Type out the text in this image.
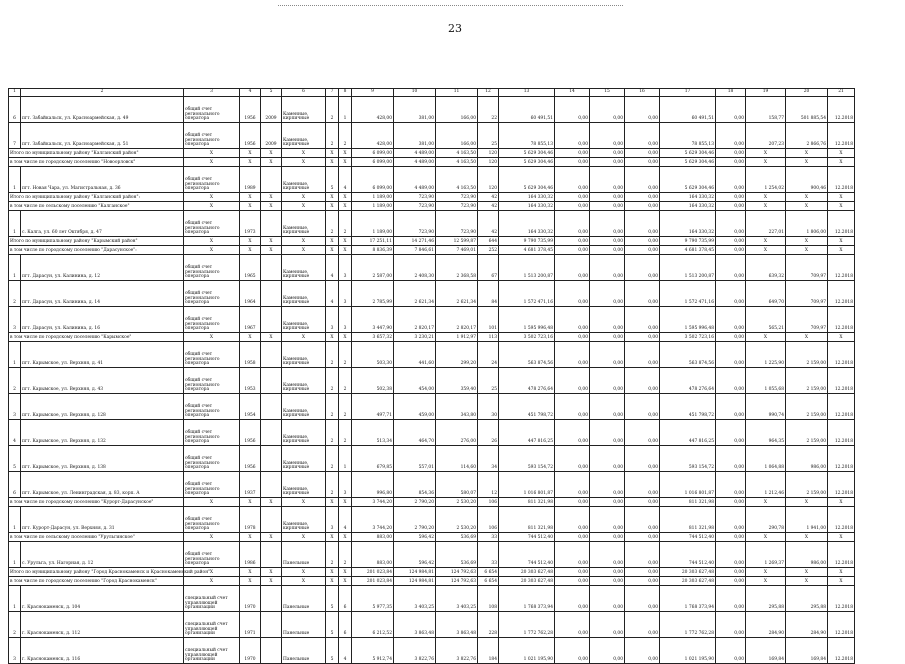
23
1	2	3	4	5	6	7	8	9	10	11	12	13	14	15	16	17	18	19	20	21
6	пгт. Забайкальск, ул. Красноармейская, д. 49	общий счет регионального оператора	1956	2009	Каменные, кирпичные	2	1	428,00	381,00	166,00	22	60 491,51	0,00	0,00	0,00	60 491,51	0,00	158,77	501 885,54	12.2018
7	пгт. Забайкальск, ул. Красноармейская, д. 51	общий счет регионального оператора	1956	2009	Каменные, кирпичные	2	2	428,00	381,00	166,00	25	78 855,13	0,00	0,00	0,00	78 855,13	0,00	207,23	2 866,76	12.2018
Итого по муниципальному району "Калганский район"		Х	Х	Х	Х	Х	Х	6 099,00	4 489,00	4 163,50	120	5 629 304,46	0,00	0,00	0,00	5 629 304,46	0,00	Х	Х	Х
в том числе по городскому поселению "Новоорловск"		Х	Х	Х	Х	Х	Х	6 099,00	4 489,00	4 163,50	120	5 629 304,46	0,00	0,00	0,00	5 629 304,46	0,00	Х	Х	Х
1	пгт. Новая Чара, ул. Магистральная, д. 36	общий счет регионального оператора	1989		Каменные, кирпичные	5	4	6 099,00	4 489,00	4 163,50	120	5 629 304,46	0,00	0,00	0,00	5 629 304,46	0,00	1 254,02	900,46	12.2018
Итого по муниципальному району "Калганский район":		Х	Х	Х	Х	Х	Х	1 189,00	723,90	723,90	42	164 330,32	0,00	0,00	0,00	164 330,32	0,00	Х	Х	Х
в том числе по сельскому поселению "Калганское"		Х	Х	Х	Х	Х	Х	1 189,00	723,90	723,90	42	164 330,32	0,00	0,00	0,00	164 330,32	0,00	Х	Х	Х
1	с. Калга, ул. 60 лет Октября, д. 47	общий счет регионального оператора	1973		Каменные, кирпичные	2	2	1 189,00	723,90	723,90	42	164 330,32	0,00	0,00	0,00	164 330,32	0,00	227,01	1 806,00	12.2018
Итого по муниципальному району "Карымский район"		Х	Х	Х	Х	Х	Х	17 251,11	14 271,46	12 599,87	644	9 790 735,99	0,00	0,00	0,00	9 790 735,99	0,00	Х	Х	Х
в том числе по городскому поселению "Дарасунское":		Х	Х	Х	Х	Х	Х	8 836,39	7 846,61	7 469,01	252	4 681 378,45	0,00	0,00	0,00	4 681 378,45	0,00	Х	Х	Х
1	пгт. Дарасун, ул. Калинина, д. 12	общий счет регионального оператора	1965		Каменные, кирпичные	4	3	2 587,00	2 408,30	2 368,58	67	1 513 200,87	0,00	0,00	0,00	1 513 200,87	0,00	639,32	709,97	12.2018
2	пгт. Дарасун, ул. Калинина, д. 14	общий счет регионального оператора	1964		Каменные, кирпичные	4	3	2 785,99	2 621,34	2 621,34	84	1 572 471,16	0,00	0,00	0,00	1 572 471,16	0,00	649,70	709,97	12.2018
3	пгт. Дарасун, ул. Калинина, д. 16	общий счет регионального оператора	1967		Каменные, кирпичные	3	3	3 447,90	2 820,17	2 820,17	101	1 595 996,48	0,00	0,00	0,00	1 595 996,48	0,00	565,21	709,97	12.2018
в том числе по городскому поселению "Карымское"		Х	Х	Х	Х	Х	Х	3 657,32	3 230,21	1 912,97	113	3 502 723,16	0,00	0,00	0,00	3 502 723,16	0,00	Х	Х	Х
1	пгт. Карымское, ул. Верхняя, д. 41	общий счет регионального оператора	1958		Каменные, кирпичные	2	2	503,30	441,60	299,20	24	563 874,56	0,00	0,00	0,00	563 874,56	0,00	1 225,90	2 159,00	12.2018
2	пгт. Карымское, ул. Верхняя, д. 43	общий счет регионального оператора	1953		Каменные, кирпичные	2	2	502,38	454,00	359,40	25	478 276,64	0,00	0,00	0,00	478 276,64	0,00	1 055,68	2 159,00	12.2018
3	пгт. Карымское, ул. Верхняя, д. 128	общий счет регионального оператора	1954		Каменные, кирпичные	2	2	497,71	459,00	343,80	30	451 798,72	0,00	0,00	0,00	451 798,72	0,00	990,74	2 159,00	12.2018
4	пгт. Карымское, ул. Верхняя, д. 132	общий счет регионального оператора	1956		Каменные, кирпичные	2	2	513,34	464,70	276,00	26	447 816,25	0,00	0,00	0,00	447 816,25	0,00	964,35	2 159,00	12.2018
5	пгт. Карымское, ул. Верхняя, д. 138	общий счет регионального оператора	1956		Каменные, кирпичные	2	1	679,85	557,01	114,60	34	593 154,72	0,00	0,00	0,00	593 154,72	0,00	1 064,88	986,00	12.2018
6	пгт. Карымское, ул. Ленинградская, д. 83, корп. А	общий счет регионального оператора	1937		Каменные, кирпичные	2	3	996,80	854,36	580,07	12	1 016 801,87	0,00	0,00	0,00	1 016 801,87	0,00	1 212,46	2 159,00	12.2018
в том числе по городскому поселению "Курорт-Дарасунское"		Х	Х	Х	Х	Х	Х	3 744,20	2 790,20	2 530,20	106	811 321,98	0,00	0,00	0,00	811 321,98	0,00	Х	Х	Х
1	пгт. Курорт-Дарасун, ул. Верхняя, д. 31	общий счет регионального оператора	1978		Каменные, кирпичные	3	4	3 744,20	2 790,20	2 530,20	106	811 321,98	0,00	0,00	0,00	811 321,98	0,00	290,78	1 941,00	12.2018
в том числе по сельскому поселению "Урульгинское"		Х	Х	Х	Х	Х	Х	883,00	596,42	536,69	33	744 512,40	0,00	0,00	0,00	744 512,40	0,00	Х	Х	Х
1	с. Урульга, ул. Нагорная, д. 12	общий счет регионального оператора	1986		Панельные	2	2	883,00	596,42	536,69	33	744 512,40	0,00	0,00	0,00	744 512,40	0,00	1 269,37	986,00	12.2018
Итого по муниципальному району "Город Краснокаменск и Краснокаменский район"		Х	Х	Х	Х	Х	Х	201 023,84	124 984,81	124 792,63	6 654	20 303 627,48	0,00	0,00	0,00	20 303 627,48	0,00	Х	Х	Х
в том числе по городскому поселению "Город Краснокаменск"		Х	Х	Х	Х	Х	Х	201 023,84	124 984,81	124 792,63	6 654	20 303 627,48	0,00	0,00	0,00	20 303 627,48	0,00	Х	Х	Х
1	г. Краснокаменск, д. 104	специальный счет управляющей организации	1970		Панельные	5	6	5 977,35	3 403,25	3 403,25	108	1 768 373,94	0,00	0,00	0,00	1 768 373,94	0,00	295,88	295,88	12.2018
2	г. Краснокаменск, д. 112	специальный счет управляющей организации	1971		Панельные	5	6	6 212,52	3 863,48	3 863,48	228	1 772 762,28	0,00	0,00	0,00	1 772 762,28	0,00	284,90	284,90	12.2018
3	г. Краснокаменск, д. 116	специальный счет управляющей организации	1970		Панельные	5	4	5 912,74	3 822,76	3 822,76	184	1 021 195,90	0,00	0,00	0,00	1 021 195,90	0,00	169,84	169,84	12.2018
